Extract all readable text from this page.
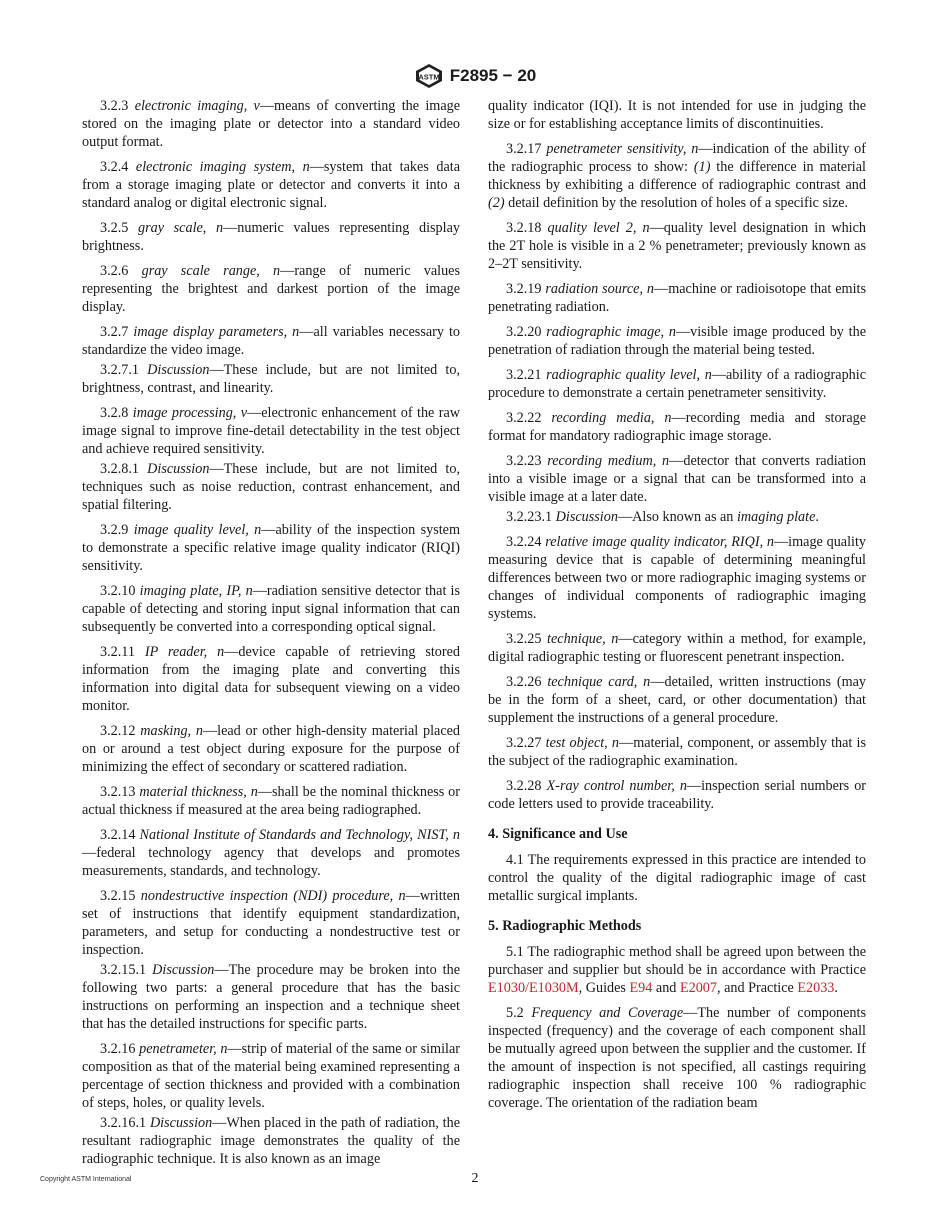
ASTM F2895 − 20

3.2.3 electronic imaging, v—means of converting the image stored on the imaging plate or detector into a standard video output format.

3.2.4 electronic imaging system, n—system that takes data from a storage imaging plate or detector and converts it into a standard analog or digital electronic signal.

3.2.5 gray scale, n—numeric values representing display brightness.

3.2.6 gray scale range, n—range of numeric values representing the brightest and darkest portion of the image display.

3.2.7 image display parameters, n—all variables necessary to standardize the video image.

3.2.7.1 Discussion—These include, but are not limited to, brightness, contrast, and linearity.

3.2.8 image processing, v—electronic enhancement of the raw image signal to improve fine-detail detectability in the test object and achieve required sensitivity.

3.2.8.1 Discussion—These include, but are not limited to, techniques such as noise reduction, contrast enhancement, and spatial filtering.

3.2.9 image quality level, n—ability of the inspection system to demonstrate a specific relative image quality indicator (RIQI) sensitivity.

3.2.10 imaging plate, IP, n—radiation sensitive detector that is capable of detecting and storing input signal information that can subsequently be converted into a corresponding optical signal.

3.2.11 IP reader, n—device capable of retrieving stored information from the imaging plate and converting this information into digital data for subsequent viewing on a video monitor.

3.2.12 masking, n—lead or other high-density material placed on or around a test object during exposure for the purpose of minimizing the effect of secondary or scattered radiation.

3.2.13 material thickness, n—shall be the nominal thickness or actual thickness if measured at the area being radiographed.

3.2.14 National Institute of Standards and Technology, NIST, n—federal technology agency that develops and promotes measurements, standards, and technology.

3.2.15 nondestructive inspection (NDI) procedure, n—written set of instructions that identify equipment standardization, parameters, and setup for conducting a nondestructive test or inspection.

3.2.15.1 Discussion—The procedure may be broken into the following two parts: a general procedure that has the basic instructions on performing an inspection and a technique sheet that has the detailed instructions for specific parts.

3.2.16 penetrameter, n—strip of material of the same or similar composition as that of the material being examined representing a percentage of section thickness and provided with a combination of steps, holes, or quality levels.

3.2.16.1 Discussion—When placed in the path of radiation, the resultant radiographic image demonstrates the quality of the radiographic technique. It is also known as an image

quality indicator (IQI). It is not intended for use in judging the size or for establishing acceptance limits of discontinuities.

3.2.17 penetrameter sensitivity, n—indication of the ability of the radiographic process to show: (1) the difference in material thickness by exhibiting a difference of radiographic contrast and (2) detail definition by the resolution of holes of a specific size.

3.2.18 quality level 2, n—quality level designation in which the 2T hole is visible in a 2 % penetrameter; previously known as 2–2T sensitivity.

3.2.19 radiation source, n—machine or radioisotope that emits penetrating radiation.

3.2.20 radiographic image, n—visible image produced by the penetration of radiation through the material being tested.

3.2.21 radiographic quality level, n—ability of a radiographic procedure to demonstrate a certain penetrameter sensitivity.

3.2.22 recording media, n—recording media and storage format for mandatory radiographic image storage.

3.2.23 recording medium, n—detector that converts radiation into a visible image or a signal that can be transformed into a visible image at a later date.

3.2.23.1 Discussion—Also known as an imaging plate.

3.2.24 relative image quality indicator, RIQI, n—image quality measuring device that is capable of determining meaningful differences between two or more radiographic imaging systems or changes of individual components of radiographic imaging systems.

3.2.25 technique, n—category within a method, for example, digital radiographic testing or fluorescent penetrant inspection.

3.2.26 technique card, n—detailed, written instructions (may be in the form of a sheet, card, or other documentation) that supplement the instructions of a general procedure.

3.2.27 test object, n—material, component, or assembly that is the subject of the radiographic examination.

3.2.28 X-ray control number, n—inspection serial numbers or code letters used to provide traceability.

4. Significance and Use

4.1 The requirements expressed in this practice are intended to control the quality of the digital radiographic image of cast metallic surgical implants.

5. Radiographic Methods

5.1 The radiographic method shall be agreed upon between the purchaser and supplier but should be in accordance with Practice E1030/E1030M, Guides E94 and E2007, and Practice E2033.

5.2 Frequency and Coverage—The number of components inspected (frequency) and the coverage of each component shall be mutually agreed upon between the supplier and the customer. If the amount of inspection is not specified, all castings requiring radiographic inspection shall receive 100 % radiographic coverage. The orientation of the radiation beam

Copyright ASTM International	2
